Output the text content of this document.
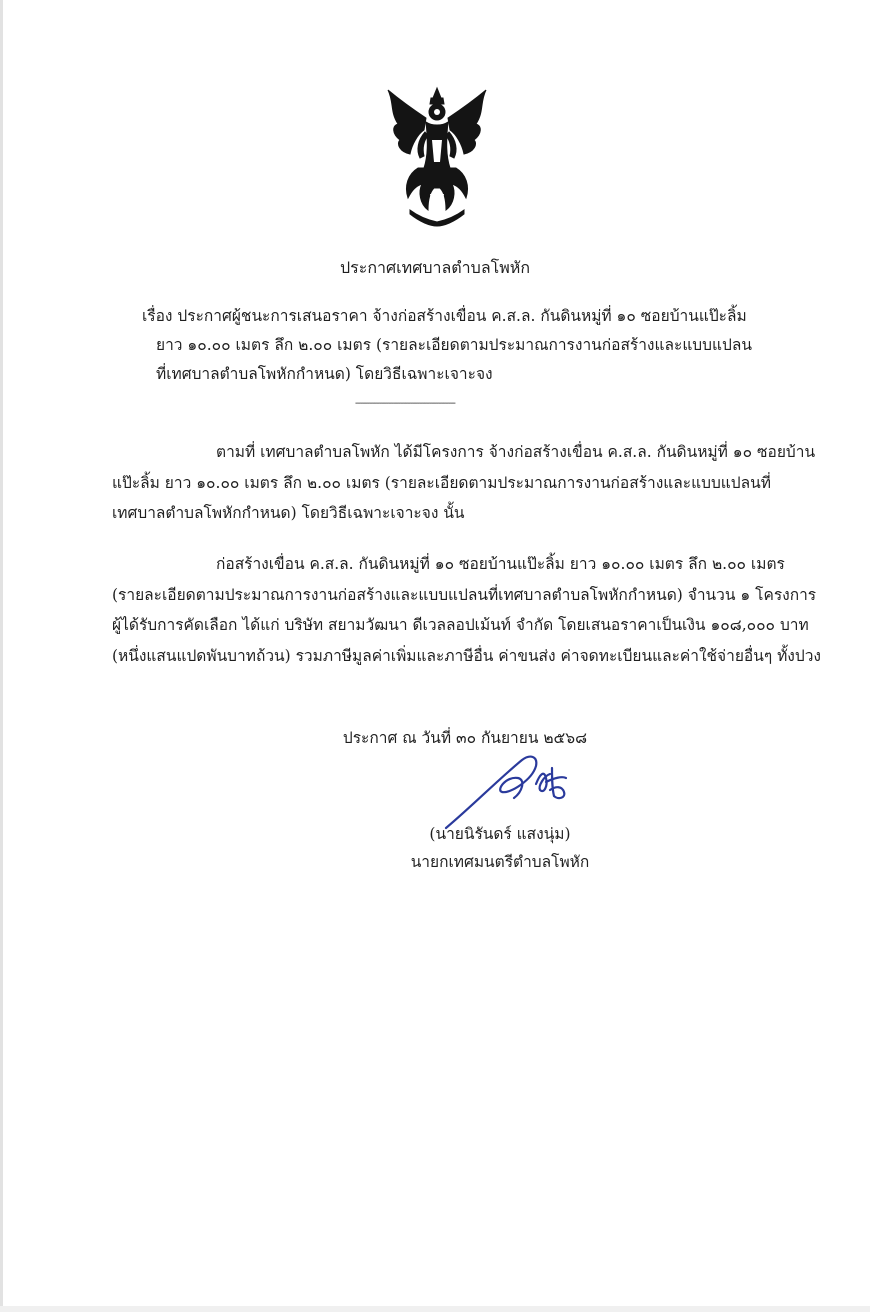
ประกาศเทศบาลตำบลโพหัก
เรื่อง ประกาศผู้ชนะการเสนอราคา จ้างก่อสร้างเขื่อน ค.ส.ล. กันดินหมู่ที่ ๑๐ ซอยบ้านแป๊ะลิ้ม
ยาว ๑๐.๐๐ เมตร ลึก ๒.๐๐ เมตร (รายละเอียดตามประมาณการงานก่อสร้างและแบบแปลน
ที่เทศบาลตำบลโพหักกำหนด) โดยวิธีเฉพาะเจาะจง
------------------------------------------
ตามที่ เทศบาลตำบลโพหัก ได้มีโครงการ จ้างก่อสร้างเขื่อน ค.ส.ล. กันดินหมู่ที่ ๑๐ ซอยบ้าน
แป๊ะลิ้ม ยาว ๑๐.๐๐ เมตร ลึก ๒.๐๐ เมตร (รายละเอียดตามประมาณการงานก่อสร้างและแบบแปลนที่
เทศบาลตำบลโพหักกำหนด) โดยวิธีเฉพาะเจาะจง นั้น
ก่อสร้างเขื่อน ค.ส.ล. กันดินหมู่ที่ ๑๐ ซอยบ้านแป๊ะลิ้ม ยาว ๑๐.๐๐ เมตร ลึก ๒.๐๐ เมตร
(รายละเอียดตามประมาณการงานก่อสร้างและแบบแปลนที่เทศบาลตำบลโพหักกำหนด) จำนวน ๑ โครงการ
ผู้ได้รับการคัดเลือก ได้แก่ บริษัท สยามวัฒนา ดีเวลลอปเม้นท์ จำกัด โดยเสนอราคาเป็นเงิน ๑๐๘,๐๐๐ บาท
(หนึ่งแสนแปดพันบาทถ้วน) รวมภาษีมูลค่าเพิ่มและภาษีอื่น ค่าขนส่ง ค่าจดทะเบียนและค่าใช้จ่ายอื่นๆ ทั้งปวง
ประกาศ ณ วันที่ ๓๐ กันยายน ๒๕๖๘
(นายนิรันดร์ แสงนุ่ม)
นายกเทศมนตรีตำบลโพหัก
